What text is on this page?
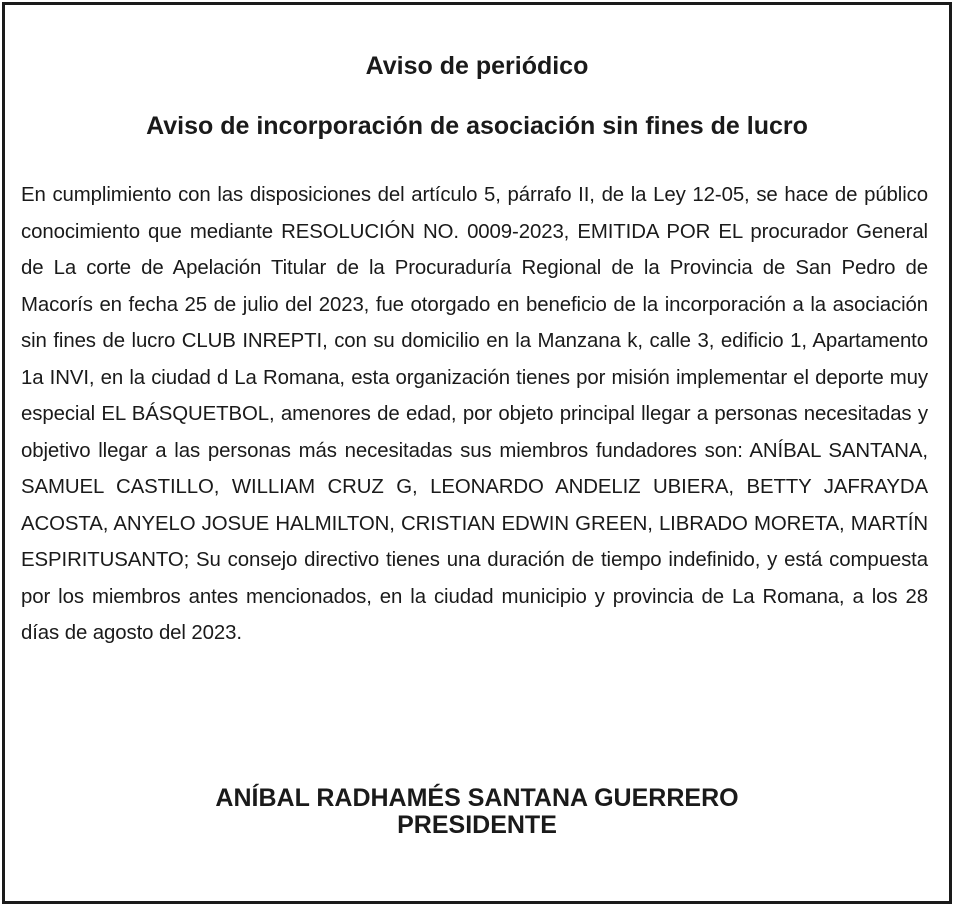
Aviso de periódico
Aviso de incorporación de asociación sin fines de lucro

En cumplimiento con las disposiciones del artículo 5, párrafo II, de la Ley 12-05, se hace de público conocimiento que mediante RESOLUCIÓN NO. 0009-2023, EMITIDA POR EL procurador General de La corte de Apelación Titular de la Procuraduría Regional de la Provincia de San Pedro de Macorís en fecha 25 de julio del 2023, fue otorgado en beneficio de la incorporación a la asociación sin fines de lucro CLUB INREPTI, con su domicilio en la Manzana k, calle 3, edificio 1, Apartamento 1a INVI, en la ciudad d La Romana, esta organización tienes por misión implementar el deporte muy especial EL BÁSQUETBOL, amenores de edad, por objeto principal llegar a personas necesitadas y objetivo llegar a las personas más necesitadas sus miembros fundadores son: ANÍBAL SANTANA, SAMUEL CASTILLO, WILLIAM CRUZ G, LEONARDO ANDELIZ UBIERA, BETTY JAFRAYDA ACOSTA, ANYELO JOSUE HALMILTON, CRISTIAN EDWIN GREEN, LIBRADO MORETA, MARTÍN ESPIRITUSANTO; Su consejo directivo tienes una duración de tiempo indefinido, y está compuesta por los miembros antes mencionados, en la ciudad municipio y provincia de La Romana, a los 28 días de agosto del 2023.

ANÍBAL RADHAMÉS SANTANA GUERRERO
PRESIDENTE
